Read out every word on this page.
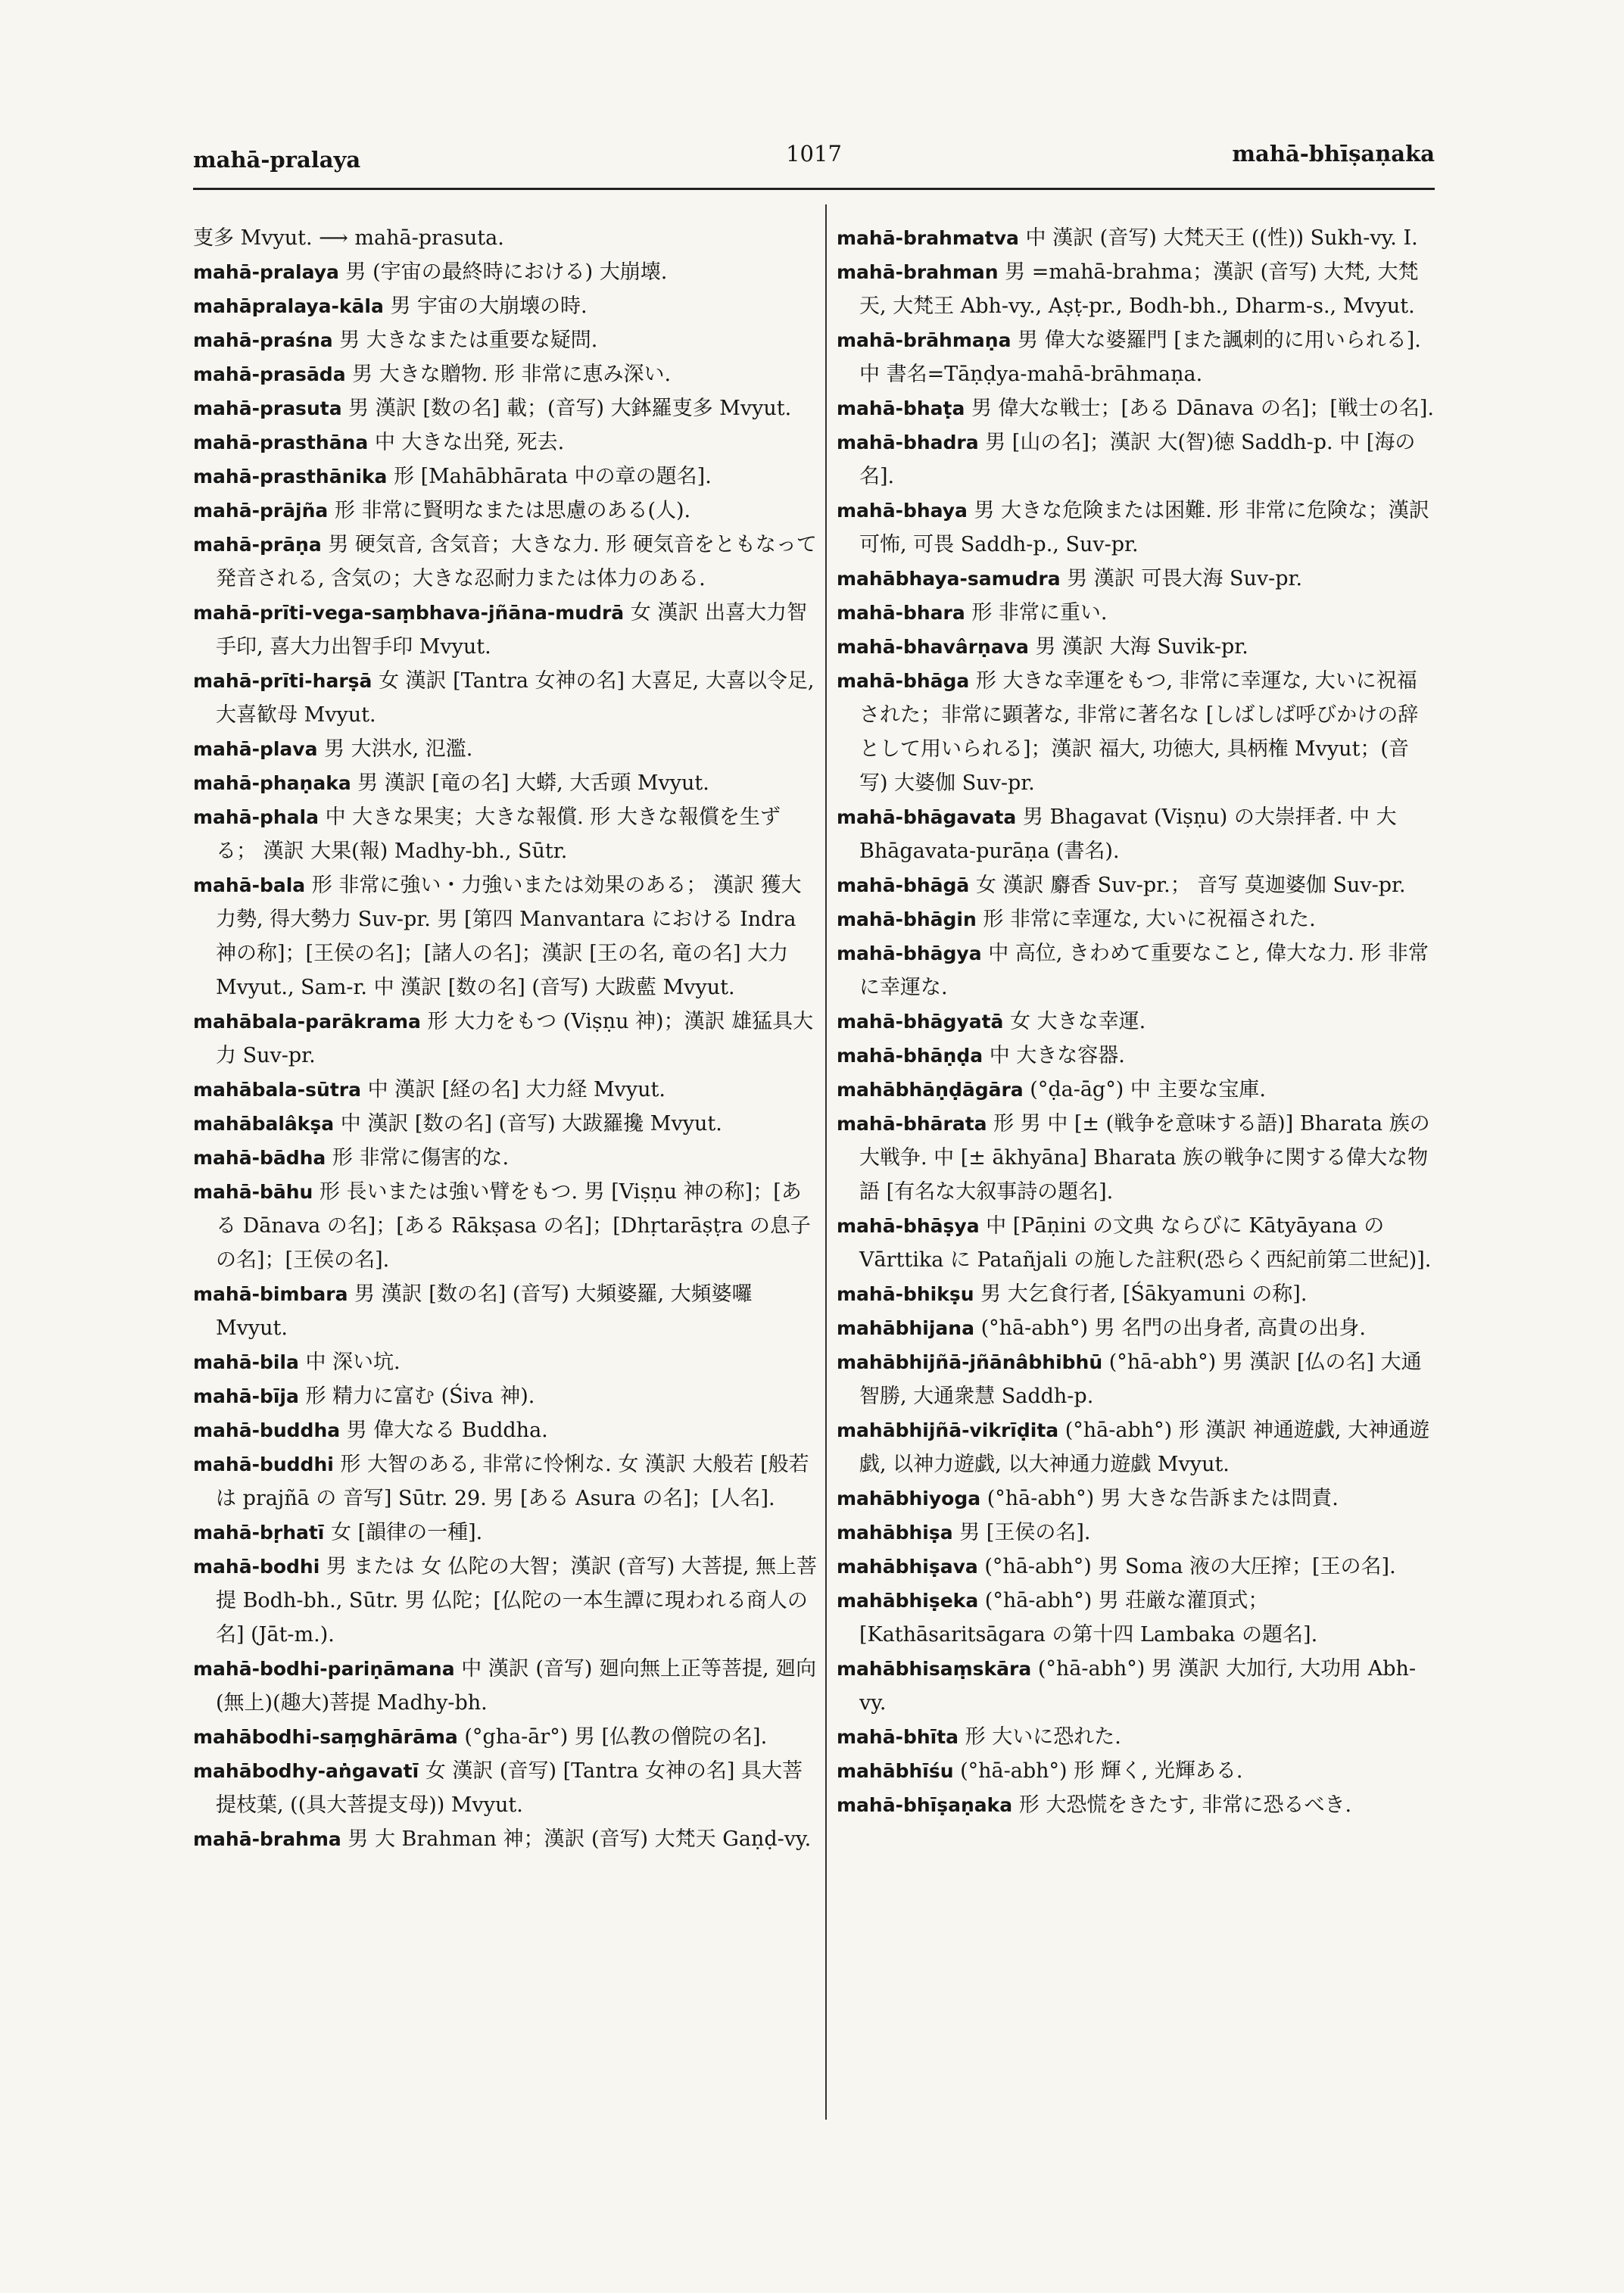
mahā-pralaya	1017	mahā-bhīṣaṇaka

叓多 Mvyut. ⟶ mahā-prasuta.

mahā-pralaya 男 (宇宙の最終時における) 大崩壊.

mahāpralaya-kāla 男 宇宙の大崩壊の時.

mahā-praśna 男 大きなまたは重要な疑問.

mahā-prasāda 男 大きな贈物. 形 非常に恵み深い.

mahā-prasuta 男 漢訳 [数の名] 載；(音写) 大鉢羅叓多 Mvyut.

mahā-prasthāna 中 大きな出発, 死去.

mahā-prasthānika 形 [Mahābhārata 中の章の題名].

mahā-prājña 形 非常に賢明なまたは思慮のある(人).

mahā-prāṇa 男 硬気音, 含気音；大きな力. 形 硬気音をともなって発音される, 含気の；大きな忍耐力または体力のある.

mahā-prīti-vega-saṃbhava-jñāna-mudrā 女 漢訳 出喜大力智手印, 喜大力出智手印 Mvyut.

mahā-prīti-harṣā 女 漢訳 [Tantra 女神の名] 大喜足, 大喜以令足, 大喜歓母 Mvyut.

mahā-plava 男 大洪水, 氾濫.

mahā-phaṇaka 男 漢訳 [竜の名] 大蟒, 大舌頭 Mvyut.

mahā-phala 中 大きな果実；大きな報償. 形 大きな報償を生ずる； 漢訳 大果(報) Madhy-bh., Sūtr.

mahā-bala 形 非常に強い・力強いまたは効果のある； 漢訳 獲大力勢, 得大勢力 Suv-pr. 男 [第四 Manvantara における Indra 神の称]；[王侯の名]；[諸人の名]；漢訳 [王の名, 竜の名] 大力 Mvyut., Sam-r. 中 漢訳 [数の名] (音写) 大跋藍 Mvyut.

mahābala-parākrama 形 大力をもつ (Viṣṇu 神)；漢訳 雄猛具大力 Suv-pr.

mahābala-sūtra 中 漢訳 [経の名] 大力経 Mvyut.

mahābalâkṣa 中 漢訳 [数の名] (音写) 大跋羅攙 Mvyut.

mahā-bādha 形 非常に傷害的な.

mahā-bāhu 形 長いまたは強い臂をもつ. 男 [Viṣṇu 神の称]；[ある Dānava の名]；[ある Rākṣasa の名]；[Dhṛtarāṣṭra の息子の名]；[王侯の名].

mahā-bimbara 男 漢訳 [数の名] (音写) 大頻婆羅, 大頻婆囉 Mvyut.

mahā-bila 中 深い坑.

mahā-bīja 形 精力に富む (Śiva 神).

mahā-buddha 男 偉大なる Buddha.

mahā-buddhi 形 大智のある, 非常に怜悧な. 女 漢訳 大般若 [般若は prajñā の 音写] Sūtr. 29. 男 [ある Asura の名]；[人名].

mahā-bṛhatī 女 [韻律の一種].

mahā-bodhi 男 または 女 仏陀の大智；漢訳 (音写) 大菩提, 無上菩提 Bodh-bh., Sūtr. 男 仏陀；[仏陀の一本生譚に現われる商人の名] (Jāt-m.).

mahā-bodhi-pariṇāmana 中 漢訳 (音写) 廻向無上正等菩提, 廻向(無上)(趣大)菩提 Madhy-bh.

mahābodhi-saṃghārāma (°gha-ār°) 男 [仏教の僧院の名].

mahābodhy-aṅgavatī 女 漢訳 (音写) [Tantra 女神の名] 具大菩提枝葉, ((具大菩提支母)) Mvyut.

mahā-brahma 男 大 Brahman 神；漢訳 (音写) 大梵天 Gaṇḍ-vy.

mahā-brahmatva 中 漢訳 (音写) 大梵天王 ((性)) Sukh-vy. I.

mahā-brahman 男 =mahā-brahma；漢訳 (音写) 大梵, 大梵天, 大梵王 Abh-vy., Aṣṭ-pr., Bodh-bh., Dharm-s., Mvyut.

mahā-brāhmaṇa 男 偉大な婆羅門 [また諷刺的に用いられる]. 中 書名=Tāṇḍya-mahā-brāhmaṇa.

mahā-bhaṭa 男 偉大な戦士；[ある Dānava の名]；[戦士の名].

mahā-bhadra 男 [山の名]；漢訳 大(智)徳 Saddh-p. 中 [海の名].

mahā-bhaya 男 大きな危険または困難. 形 非常に危険な；漢訳 可怖, 可畏 Saddh-p., Suv-pr.

mahābhaya-samudra 男 漢訳 可畏大海 Suv-pr.

mahā-bhara 形 非常に重い.

mahā-bhavârṇava 男 漢訳 大海 Suvik-pr.

mahā-bhāga 形 大きな幸運をもつ, 非常に幸運な, 大いに祝福された；非常に顕著な, 非常に著名な [しばしば呼びかけの辞として用いられる]；漢訳 福大, 功徳大, 具柄権 Mvyut；(音写) 大婆伽 Suv-pr.

mahā-bhāgavata 男 Bhagavat (Viṣṇu) の大崇拝者. 中 大 Bhāgavata-purāṇa (書名).

mahā-bhāgā 女 漢訳 麝香 Suv-pr.； 音写 莫迦婆伽 Suv-pr.

mahā-bhāgin 形 非常に幸運な, 大いに祝福された.

mahā-bhāgya 中 高位, きわめて重要なこと, 偉大な力. 形 非常に幸運な.

mahā-bhāgyatā 女 大きな幸運.

mahā-bhāṇḍa 中 大きな容器.

mahābhāṇḍāgāra (°ḍa-āg°) 中 主要な宝庫.

mahā-bhārata 形 男 中 [± (戦争を意味する語)] Bharata 族の大戦争. 中 [± ākhyāna] Bharata 族の戦争に関する偉大な物語 [有名な大叙事詩の題名].

mahā-bhāṣya 中 [Pāṇini の文典 ならびに Kātyāyana の Vārttika に Patañjali の施した註釈(恐らく西紀前第二世紀)].

mahā-bhikṣu 男 大乞食行者, [Śākyamuni の称].

mahābhijana (°hā-abh°) 男 名門の出身者, 高貴の出身.

mahābhijñā-jñānâbhibhū (°hā-abh°) 男 漢訳 [仏の名] 大通智勝, 大通衆慧 Saddh-p.

mahābhijñā-vikrīḍita (°hā-abh°) 形 漢訳 神通遊戯, 大神通遊戯, 以神力遊戯, 以大神通力遊戯 Mvyut.

mahābhiyoga (°hā-abh°) 男 大きな告訴または問責.

mahābhiṣa 男 [王侯の名].

mahābhiṣava (°hā-abh°) 男 Soma 液の大圧搾；[王の名].

mahābhiṣeka (°hā-abh°) 男 荘厳な灌頂式；[Kathāsaritsāgara の第十四 Lambaka の題名].

mahābhisaṃskāra (°hā-abh°) 男 漢訳 大加行, 大功用 Abh-vy.

mahā-bhīta 形 大いに恐れた.

mahābhīśu (°hā-abh°) 形 輝く, 光輝ある.

mahā-bhīṣaṇaka 形 大恐慌をきたす, 非常に恐るべき.
